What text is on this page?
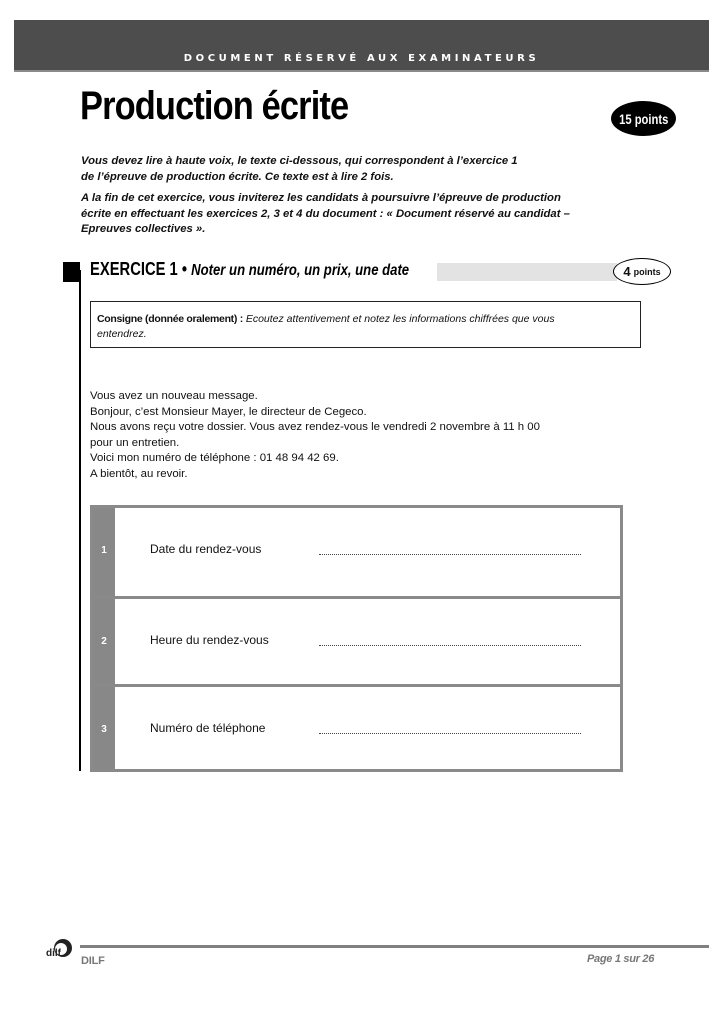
DOCUMENT RÉSERVÉ AUX EXAMINATEURS
Production écrite	15 points
Vous devez lire à haute voix, le texte ci-dessous, qui correspondent à l’exercice 1
de l’épreuve de production écrite. Ce texte est à lire 2 fois.
A la fin de cet exercice, vous inviterez les candidats à poursuivre l’épreuve de production
écrite en effectuant les exercices 2, 3 et 4 du document : « Document réservé au candidat –
Epreuves collectives ».
EXERCICE 1 • Noter un numéro, un prix, une date	4 points
Consigne (donnée oralement) : Ecoutez attentivement et notez les informations chiffrées que vous
entendrez.
Vous avez un nouveau message.
Bonjour, c’est Monsieur Mayer, le directeur de Cegeco.
Nous avons reçu votre dossier. Vous avez rendez-vous le vendredi 2 novembre à 11 h 00
pour un entretien.
Voici mon numéro de téléphone : 01 48 94 42 69.
A bientôt, au revoir.
1	Date du rendez-vous
2	Heure du rendez-vous
3	Numéro de téléphone
dilf
DILF	Page 1 sur 26
